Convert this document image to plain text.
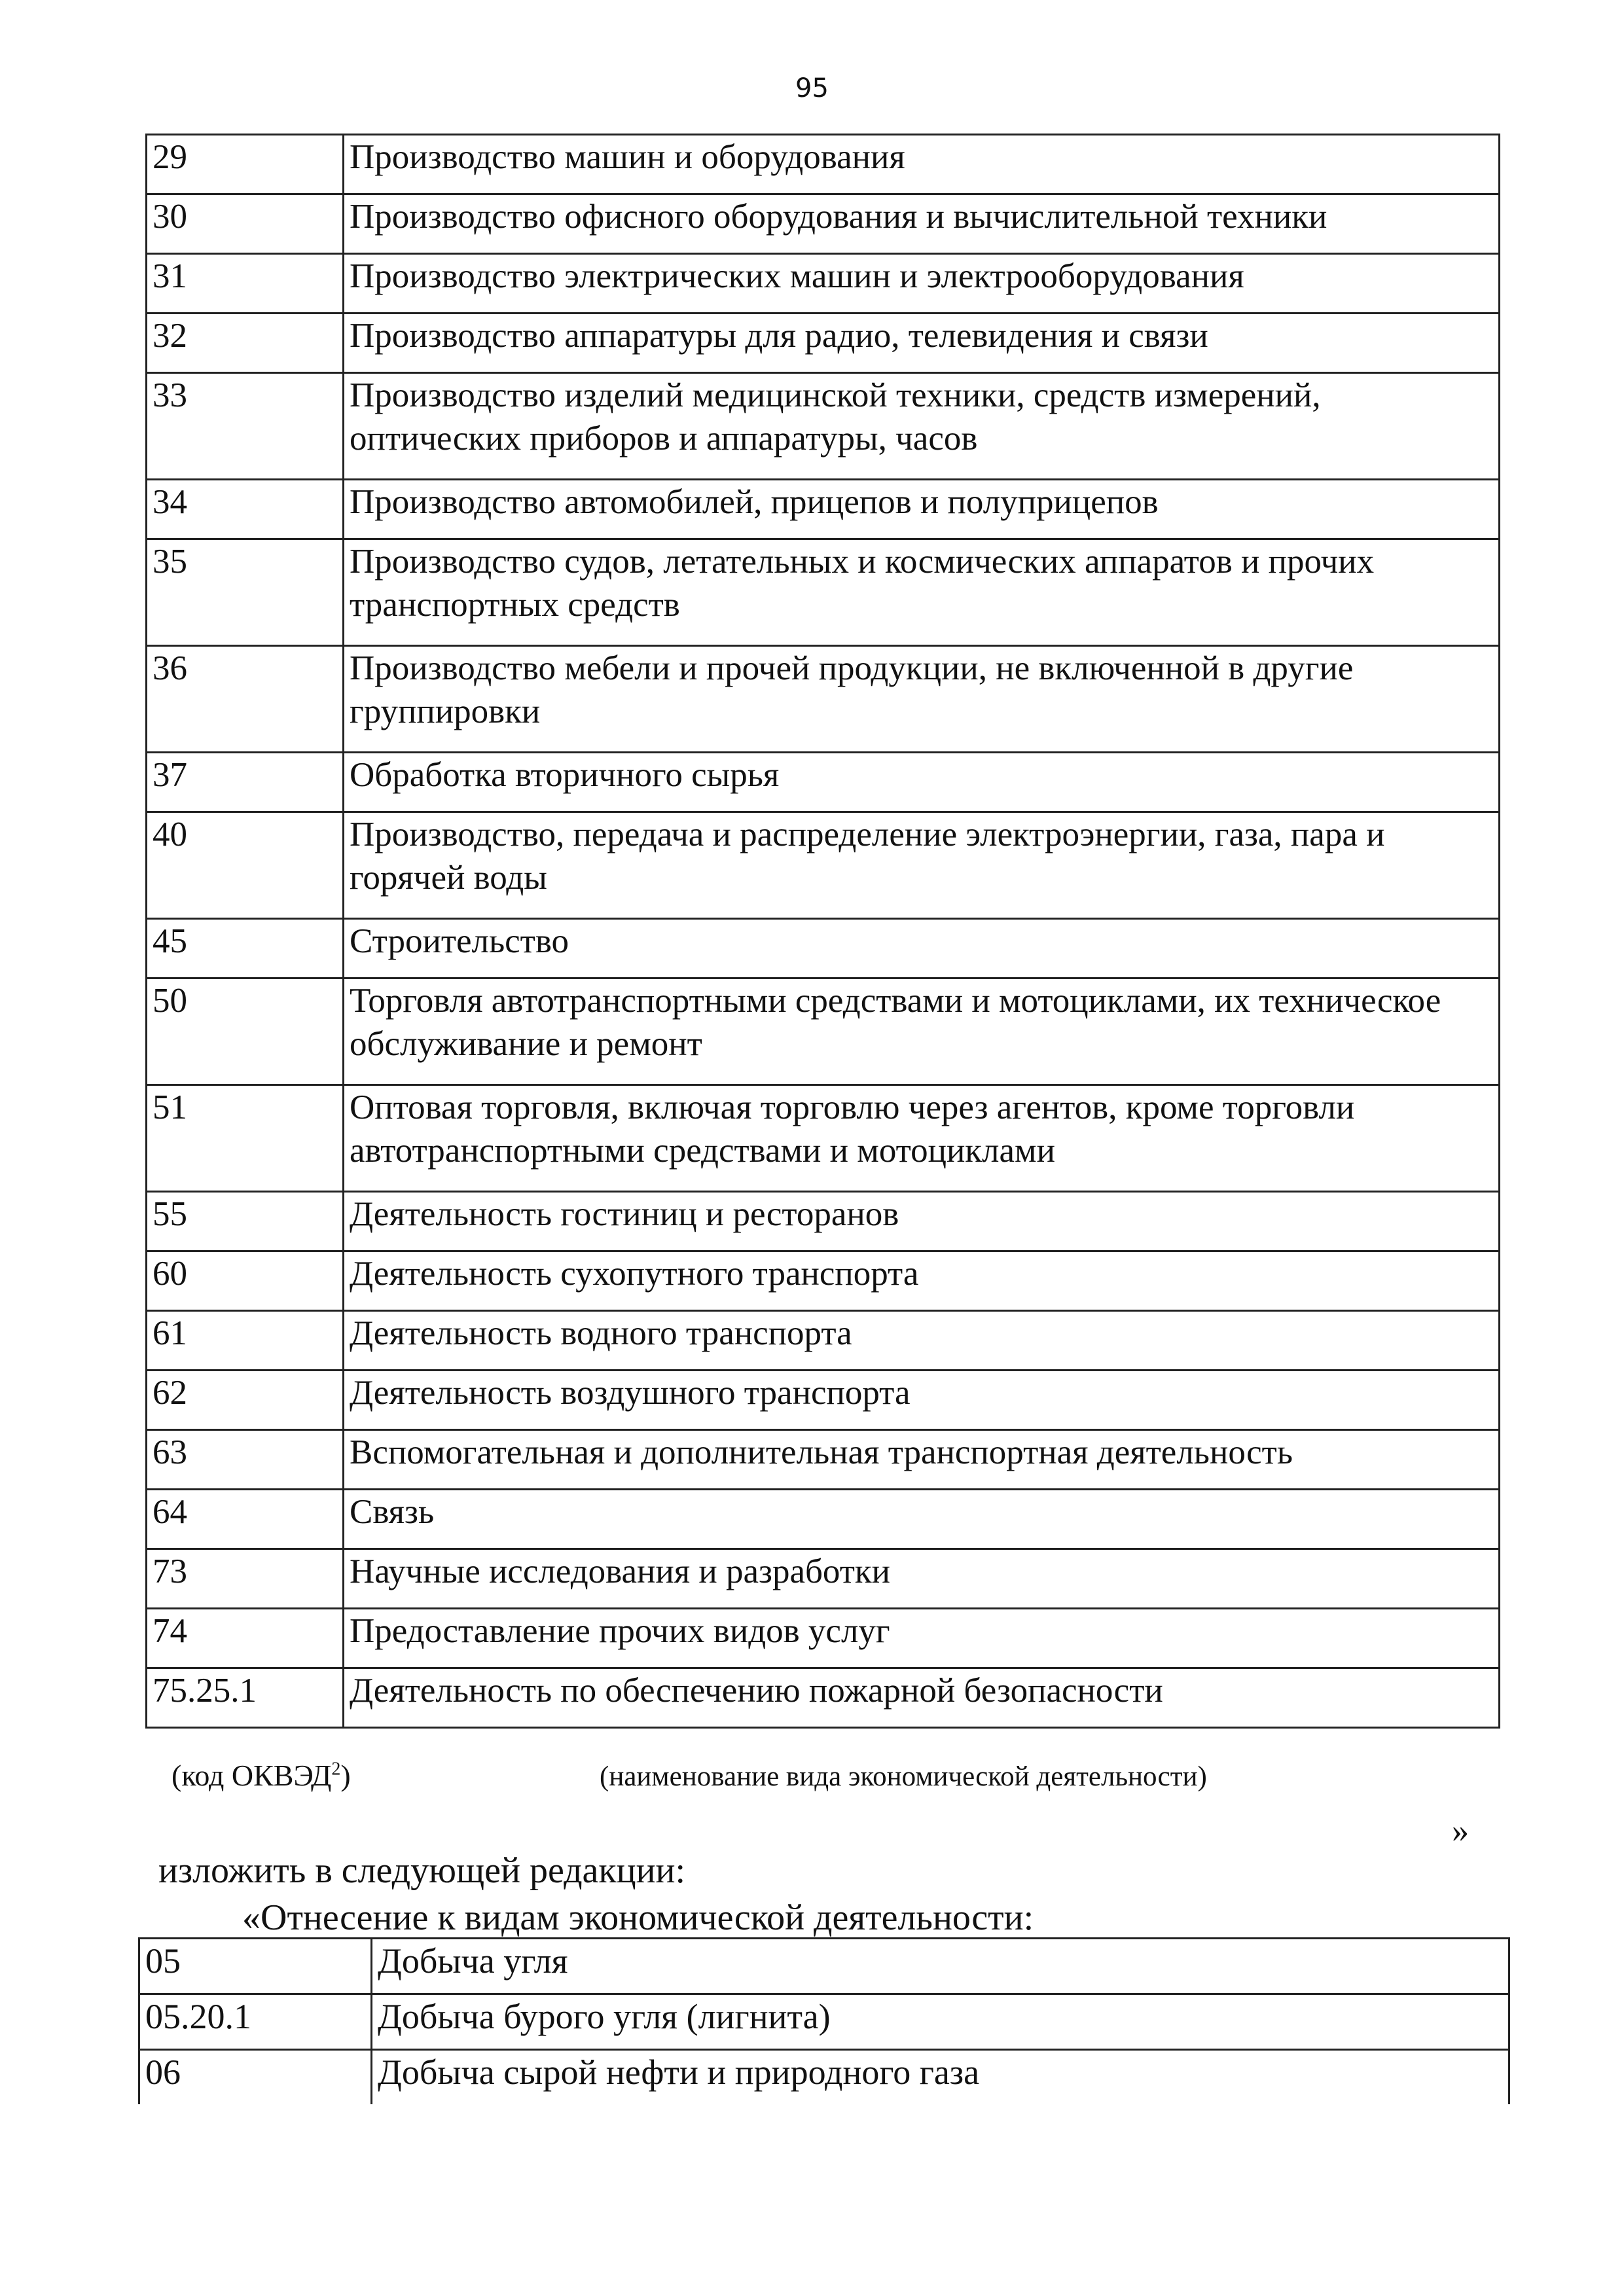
95
29	Производство машин и оборудования
30	Производство офисного оборудования и вычислительной техники
31	Производство электрических машин и электрооборудования
32	Производство аппаратуры для радио, телевидения и связи
33	Производство изделий медицинской техники, средств измерений, оптических приборов и аппаратуры, часов
34	Производство автомобилей, прицепов и полуприцепов
35	Производство судов, летательных и космических аппаратов и прочих транспортных средств
36	Производство мебели и прочей продукции, не включенной в другие группировки
37	Обработка вторичного сырья
40	Производство, передача и распределение электроэнергии, газа, пара и горячей воды
45	Строительство
50	Торговля автотранспортными средствами и мотоциклами, их техническое обслуживание и ремонт
51	Оптовая торговля, включая торговлю через агентов, кроме торговли автотранспортными средствами и мотоциклами
55	Деятельность гостиниц и ресторанов
60	Деятельность сухопутного транспорта
61	Деятельность водного транспорта
62	Деятельность воздушного транспорта
63	Вспомогательная и дополнительная транспортная деятельность
64	Связь
73	Научные исследования и разработки
74	Предоставление прочих видов услуг
75.25.1	Деятельность по обеспечению пожарной безопасности
(код ОКВЭД$^2$)	(наименование вида экономической деятельности)
»
изложить в следующей редакции:
«Отнесение к видам экономической деятельности:
05	Добыча угля
05.20.1	Добыча бурого угля (лигнита)
06	Добыча сырой нефти и природного газа
